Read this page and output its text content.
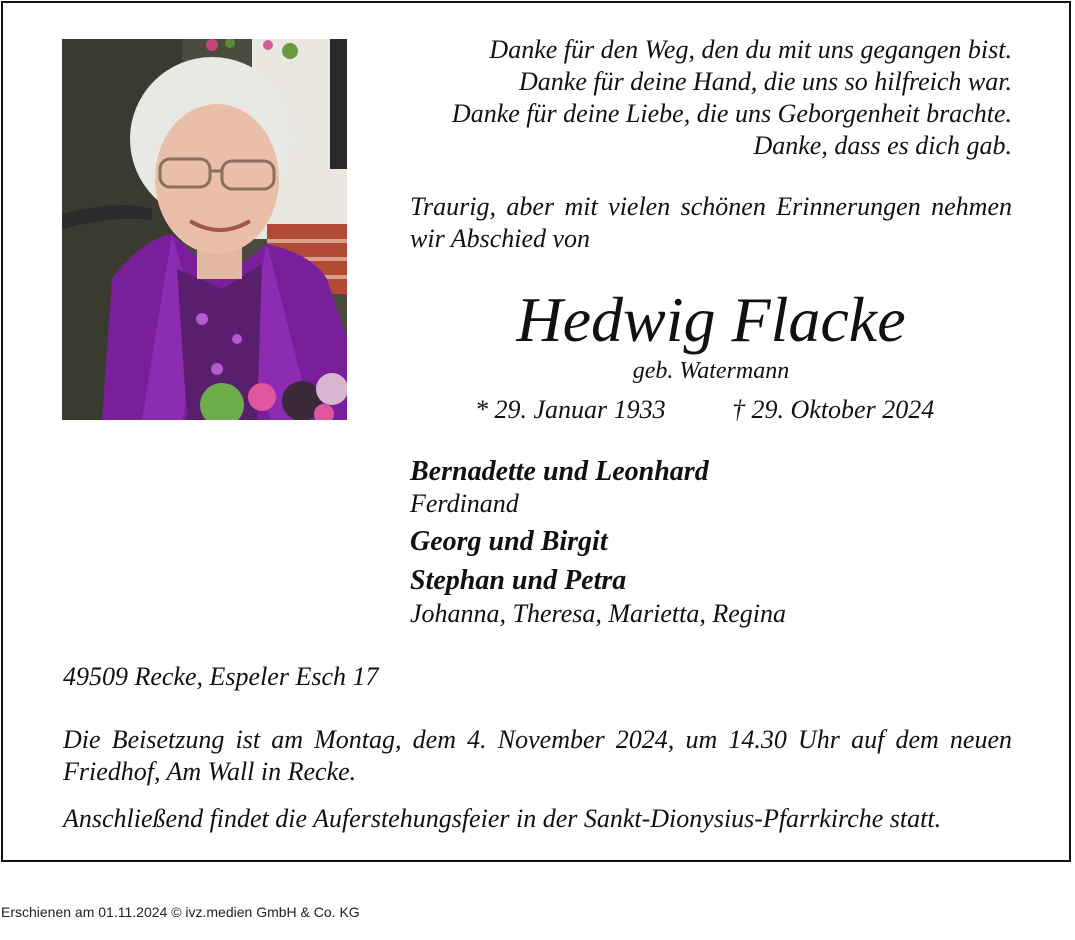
Danke für den Weg, den du mit uns gegangen bist.
Danke für deine Hand, die uns so hilfreich war.
Danke für deine Liebe, die uns Geborgenheit brachte.
Danke, dass es dich gab.
Traurig, aber mit vielen schönen Erinnerungen nehmen wir Abschied von
Hedwig Flacke
geb. Watermann
* 29. Januar 1933	† 29. Oktober 2024
Bernadette und Leonhard
Ferdinand
Georg und Birgit
Stephan und Petra
Johanna, Theresa, Marietta, Regina
49509 Recke, Espeler Esch 17
Die Beisetzung ist am Montag, dem 4. November 2024, um 14.30 Uhr auf dem neuen Friedhof, Am Wall in Recke.
Anschließend findet die Auferstehungsfeier in der Sankt-Dionysius-Pfarrkirche statt.
Erschienen am 01.11.2024 © ivz.medien GmbH & Co. KG
